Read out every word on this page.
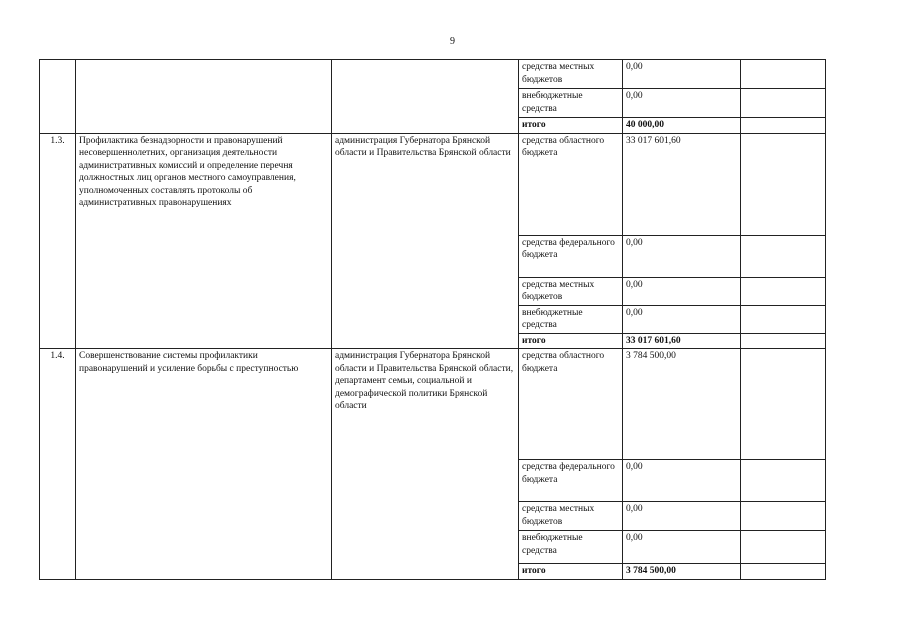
9
			средства местных бюджетов	0,00	
			внебюджетные средства	0,00	
			итого	40 000,00	
1.3.	Профилактика безнадзорности и правонарушений несовершеннолетних, организация деятельности административных комиссий и определение перечня должностных лиц органов местного самоуправления, уполномоченных составлять протоколы об административных правонарушениях	администрация Губернатора Брянской области и Правительства Брянской области	средства областного бюджета	33 017 601,60	
			средства федерального бюджета	0,00	
			средства местных бюджетов	0,00	
			внебюджетные средства	0,00	
			итого	33 017 601,60	
1.4.	Совершенствование системы профилактики правонарушений и усиление борьбы с преступностью	администрация Губернатора Брянской области и Правительства Брянской области, департамент семьи, социальной и демографической политики Брянской области	средства областного бюджета	3 784 500,00	
			средства федерального бюджета	0,00	
			средства местных бюджетов	0,00	
			внебюджетные средства	0,00	
			итого	3 784 500,00	
